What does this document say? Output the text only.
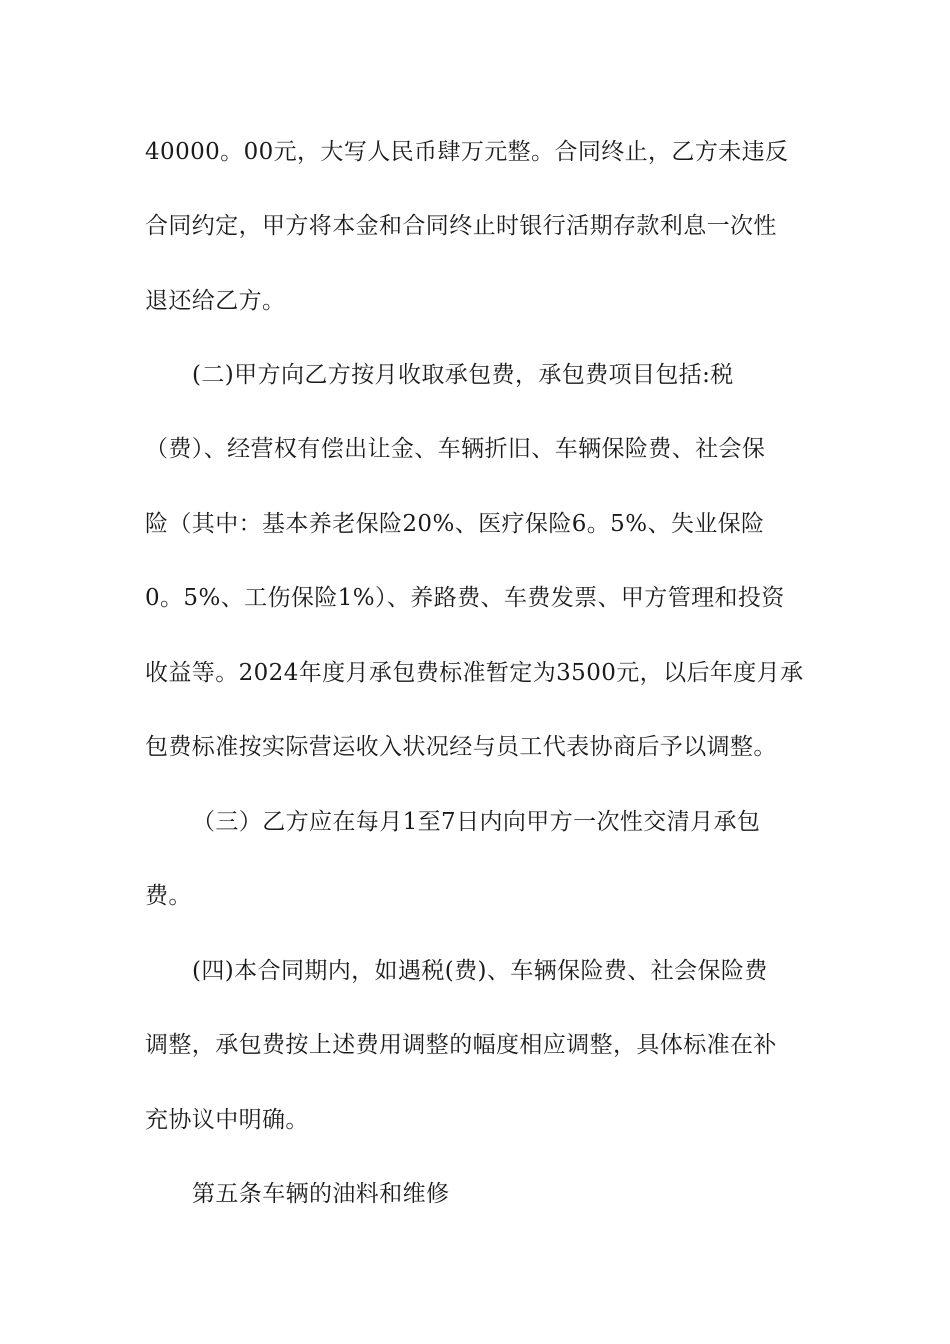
40000。00元，大写人民币肆万元整。合同终止，乙方未违反

合同约定，甲方将本金和合同终止时银行活期存款利息一次性

退还给乙方。

(二)甲方向乙方按月收取承包费，承包费项目包括:税

（费）、经营权有偿出让金、车辆折旧、车辆保险费、社会保

险（其中：基本养老保险20%、医疗保险6。5%、失业保险

0。5%、工伤保险1%）、养路费、车费发票、甲方管理和投资

收益等。2024年度月承包费标准暂定为3500元，以后年度月承

包费标准按实际营运收入状况经与员工代表协商后予以调整。

（三）乙方应在每月1至7日内向甲方一次性交清月承包

费。

(四)本合同期内，如遇税(费)、车辆保险费、社会保险费

调整，承包费按上述费用调整的幅度相应调整，具体标准在补

充协议中明确。

第五条车辆的油料和维修
